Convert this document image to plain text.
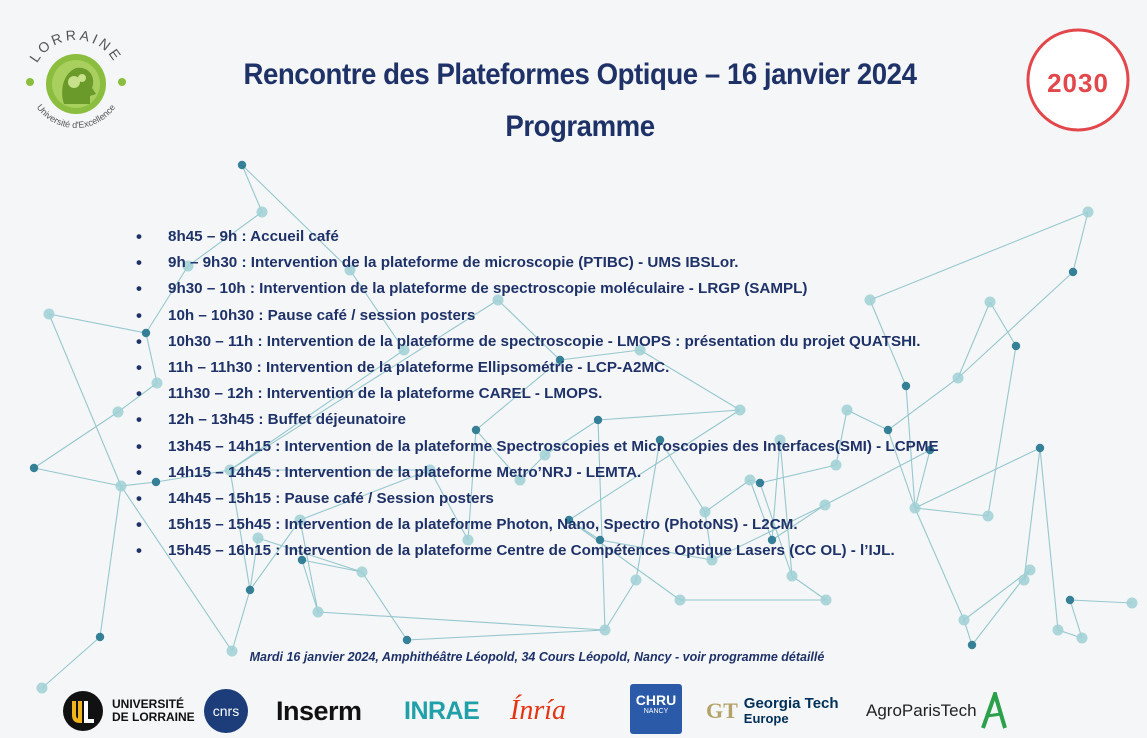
LORRAINE
Université d'Excellence
2030
Rencontre des Plateformes Optique – 16 janvier 2024
Programme
• 8h45 – 9h : Accueil café
• 9h – 9h30 : Intervention de la plateforme de microscopie (PTIBC) - UMS IBSLor.
• 9h30 – 10h : Intervention de la plateforme de spectroscopie moléculaire - LRGP (SAMPL)
• 10h – 10h30 : Pause café / session posters
• 10h30 – 11h : Intervention de la plateforme de spectroscopie - LMOPS : présentation du projet QUATSHI.
• 11h – 11h30 : Intervention de la plateforme Ellipsométrie - LCP-A2MC.
• 11h30 – 12h : Intervention de la plateforme CAREL - LMOPS.
• 12h – 13h45 : Buffet déjeunatoire
• 13h45 – 14h15 : Intervention de la plateforme Spectroscopies et Microscopies des Interfaces(SMI) - LCPME
• 14h15 – 14h45 : Intervention de la plateforme Metro’NRJ - LEMTA.
• 14h45 – 15h15 : Pause café / Session posters
• 15h15 – 15h45 : Intervention de la plateforme Photon, Nano, Spectro (PhotoNS) - L2CM.
• 15h45 – 16h15 : Intervention de la plateforme Centre de Compétences Optique Lasers (CC OL) - l’IJL.
Mardi 16 janvier 2024, Amphithéâtre Léopold, 34 Cours Léopold, Nancy - voir programme détaillé
UNIVERSITÉ
DE LORRAINE	cnrs	Inserm INRAE Ínría	CHRU
NANCY	GT Georgia Tech
Europe	AgroParisTech
